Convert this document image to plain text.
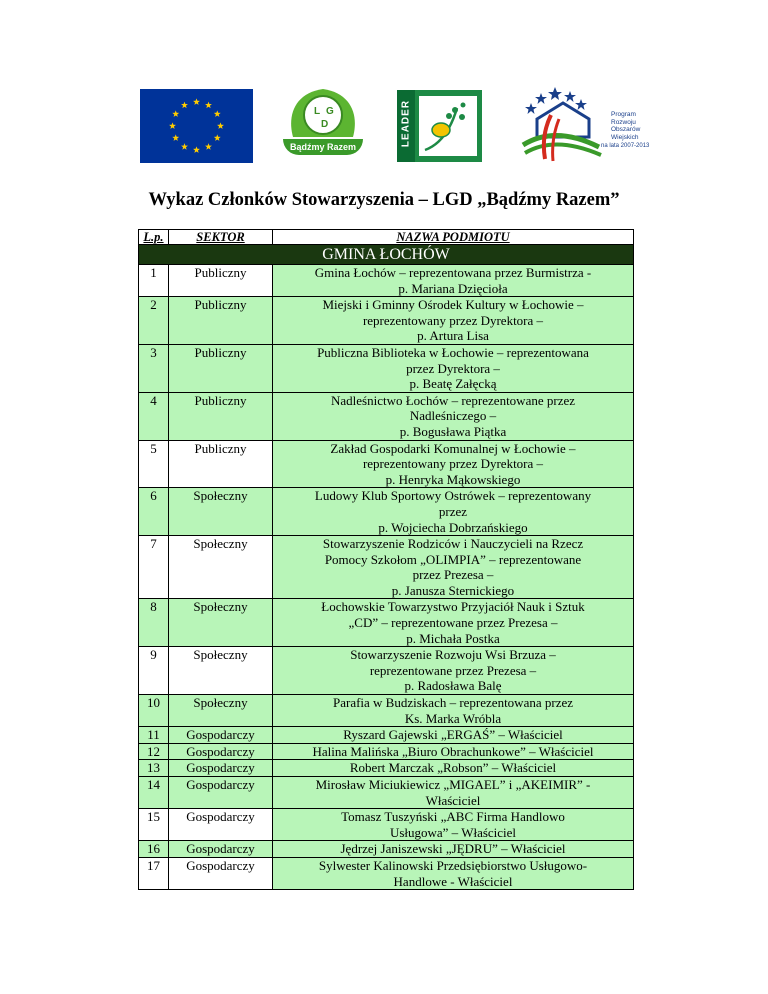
L G
D
Bądźmy Razem	LEADER	Program
Rozwoju
Obszarów
Wiejskich
na lata 2007-2013
Wykaz Członków Stowarzyszenia – LGD „Bądźmy Razem”
L.p.	SEKTOR	NAZWA PODMIOTU
GMINA ŁOCHÓW		
1	Publiczny	Gmina Łochów – reprezentowana przez Burmistrza -
p. Mariana Dzięcioła

2	Publiczny	Miejski i Gminny Ośrodek Kultury w Łochowie –
reprezentowany przez Dyrektora –
p. Artura Lisa

3	Publiczny	Publiczna Biblioteka w Łochowie – reprezentowana
przez Dyrektora –
p. Beatę Załęcką

4	Publiczny	Nadleśnictwo Łochów – reprezentowane przez
Nadleśniczego –
p. Bogusława Piątka

5	Publiczny	Zakład Gospodarki Komunalnej w Łochowie –
reprezentowany przez Dyrektora –
p. Henryka Mąkowskiego

6	Społeczny	Ludowy Klub Sportowy Ostrówek – reprezentowany
przez
p. Wojciecha Dobrzańskiego

7	Społeczny	Stowarzyszenie Rodziców i Nauczycieli na Rzecz
Pomocy Szkołom „OLIMPIA” – reprezentowane
przez Prezesa –
p. Janusza Sternickiego

8	Społeczny	Łochowskie Towarzystwo Przyjaciół Nauk i Sztuk
„CD” – reprezentowane przez Prezesa –
p. Michała Postka

9	Społeczny	Stowarzyszenie Rozwoju Wsi Brzuza –
reprezentowane przez Prezesa –
p. Radosława Balę

10	Społeczny	Parafia w Budziskach – reprezentowana przez
Ks. Marka Wróbla

11	Gospodarczy	Ryszard Gajewski „ERGAŚ” – Właściciel

12	Gospodarczy	Halina Malińska „Biuro Obrachunkowe” – Właściciel

13	Gospodarczy	Robert Marczak „Robson” – Właściciel

14	Gospodarczy	Mirosław Miciukiewicz „MIGAEL” i „AKEIMIR” -
Właściciel

15	Gospodarczy	Tomasz Tuszyński „ABC Firma Handlowo
Usługowa” – Właściciel

16	Gospodarczy	Jędrzej Janiszewski „JĘDRU” – Właściciel

17	Gospodarczy	Sylwester Kalinowski Przedsiębiorstwo Usługowo-
Handlowe - Właściciel
